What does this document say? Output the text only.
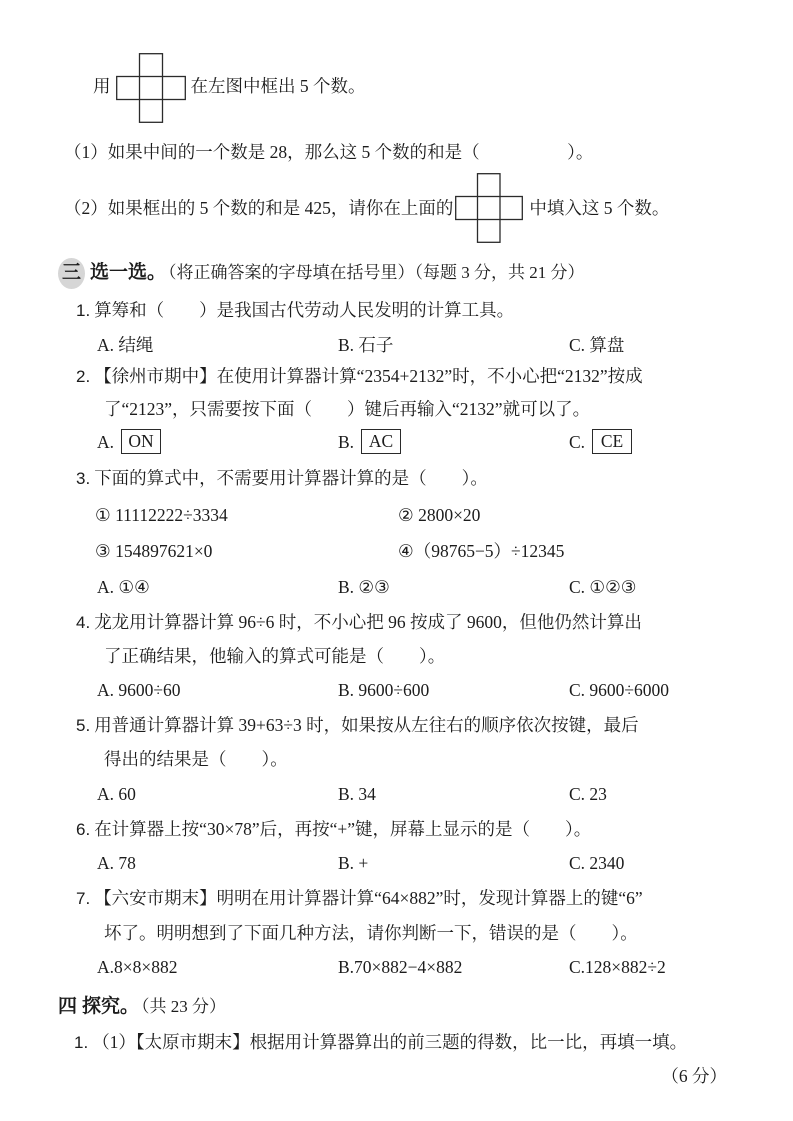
用	在左图中框出 5 个数。
（1）如果中间的一个数是 28，那么这 5 个数的和是（　　　　　）。
（2）如果框出的 5 个数的和是 425，请你在上面的	中填入这 5 个数。
三 选一选。 （将正确答案的字母填在括号里）（每题 3 分，共 21 分）
1. 算筹和（　　）是我国古代劳动人民发明的计算工具。
A. 结绳	B. 石子	C. 算盘
2. 【徐州市期中】在使用计算器计算“2354+2132”时，不小心把“2132”按成
了“2123”，只需要按下面（　　）键后再输入“2132”就可以了。
A. ON	B. AC	C. CE
3. 下面的算式中，不需要用计算器计算的是（　　）。
① 11112222÷3334	② 2800×20
③ 154897621×0	④（98765−5）÷12345
A. ①④	B. ②③	C. ①②③
4. 龙龙用计算器计算 96÷6 时，不小心把 96 按成了 9600，但他仍然计算出
了正确结果，他输入的算式可能是（　　）。
A. 9600÷60	B. 9600÷600	C. 9600÷6000
5. 用普通计算器计算 39+63÷3 时，如果按从左往右的顺序依次按键，最后
得出的结果是（　　）。
A. 60	B. 34	C. 23
6. 在计算器上按“30×78”后，再按“+”键，屏幕上显示的是（　　）。
A. 78	B. +	C. 2340
7. 【六安市期末】明明在用计算器计算“64×882”时，发现计算器上的键“6”
坏了。明明想到了下面几种方法，请你判断一下，错误的是（　　）。
A.8×8×882	B.70×882−4×882	C.128×882÷2
四 探究。 （共 23 分）
1. （1）【太原市期末】根据用计算器算出的前三题的得数，比一比，再填一填。
（6 分）
